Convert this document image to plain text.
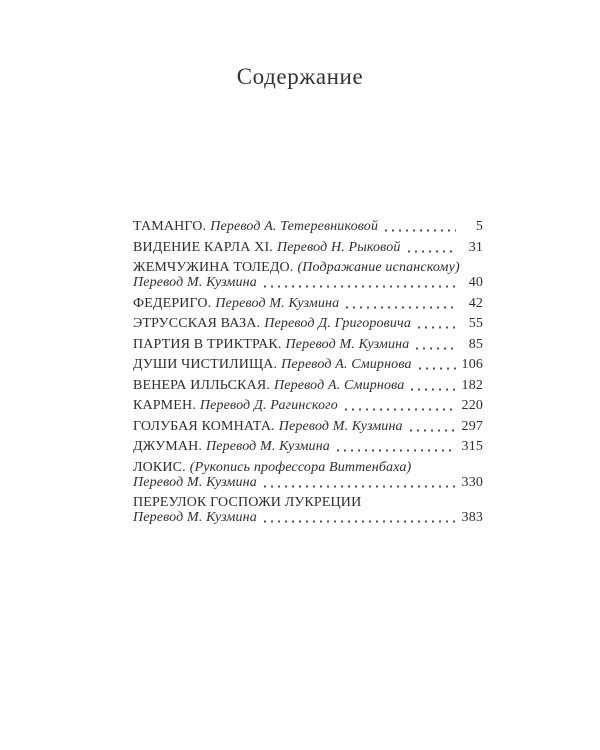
Содержание
ТАМАНГО. Перевод А. Тетеревниковой	5
ВИДЕНИЕ КАРЛА XI. Перевод Н. Рыковой	31
ЖЕМЧУЖИНА ТОЛЕДО. (Подражание испанскому)
Перевод М. Кузмина	40
ФЕДЕРИГО. Перевод М. Кузмина	42
ЭТРУССКАЯ ВАЗА. Перевод Д. Григоровича	55
ПАРТИЯ В ТРИКТРАК. Перевод М. Кузмина	85
ДУШИ ЧИСТИЛИЩА. Перевод А. Смирнова	106
ВЕНЕРА ИЛЛЬСКАЯ. Перевод А. Смирнова	182
КАРМЕН. Перевод Д. Рагинского	220
ГОЛУБАЯ КОМНАТА. Перевод М. Кузмина	297
ДЖУМАН. Перевод М. Кузмина	315
ЛОКИС. (Рукопись профессора Виттенбаха)
Перевод М. Кузмина	330
ПЕРЕУЛОК ГОСПОЖИ ЛУКРЕЦИИ
Перевод М. Кузмина	383
